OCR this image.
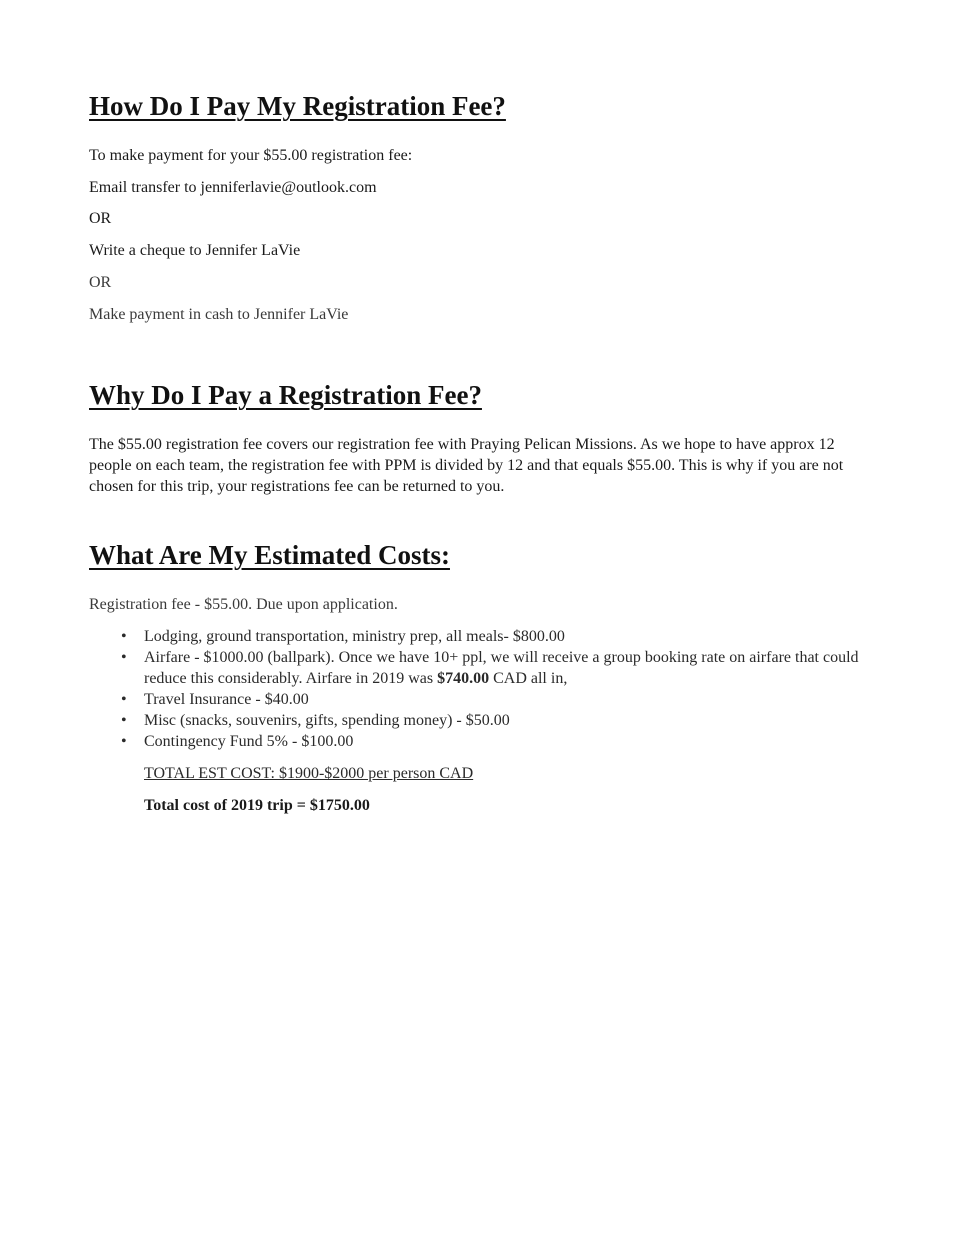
How Do I Pay My Registration Fee?
To make payment for your $55.00 registration fee:
Email transfer to jenniferlavie@outlook.com
OR
Write a cheque to Jennifer LaVie
OR
Make payment in cash to Jennifer LaVie
Why Do I Pay a Registration Fee?
The $55.00 registration fee covers our registration fee with Praying Pelican Missions. As we hope to have approx 12 people on each team, the registration fee with PPM is divided by 12 and that equals $55.00. This is why if you are not chosen for this trip, your registrations fee can be returned to you.
What Are My Estimated Costs:
Registration fee - $55.00. Due upon application.
• Lodging, ground transportation, ministry prep, all meals- $800.00
• Airfare - $1000.00 (ballpark). Once we have 10+ ppl, we will receive a group booking rate on airfare that could reduce this considerably. Airfare in 2019 was $740.00 CAD all in,
• Travel Insurance - $40.00
• Misc (snacks, souvenirs, gifts, spending money) - $50.00
• Contingency Fund 5% - $100.00
TOTAL EST COST: $1900-$2000 per person CAD
Total cost of 2019 trip = $1750.00
